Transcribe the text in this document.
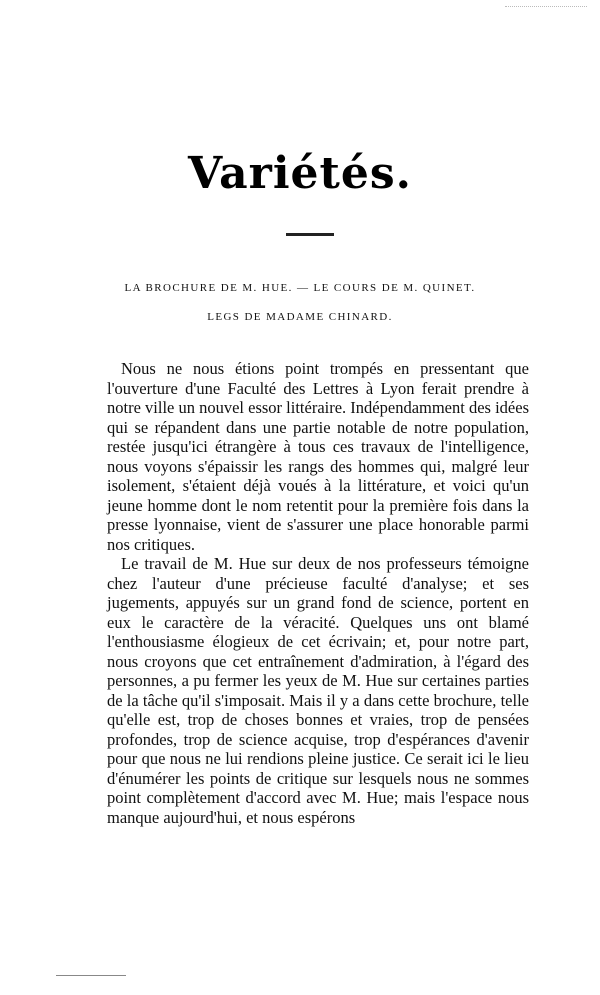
Variétés.
LA BROCHURE DE M. HUE. — LE COURS DE M. QUINET.
LEGS DE MADAME CHINARD.

Nous ne nous étions point trompés en pressentant que l'ouverture d'une Faculté des Lettres à Lyon ferait prendre à notre ville un nouvel essor littéraire. Indépendamment des idées qui se répandent dans une partie notable de notre population, restée jusqu'ici étrangère à tous ces travaux de l'intelligence, nous voyons s'épaissir les rangs des hommes qui, malgré leur isolement, s'étaient déjà voués à la littérature, et voici qu'un jeune homme dont le nom retentit pour la première fois dans la presse lyonnaise, vient de s'assurer une place honorable parmi nos critiques.

Le travail de M. Hue sur deux de nos professeurs témoigne chez l'auteur d'une précieuse faculté d'analyse; et ses jugements, appuyés sur un grand fond de science, portent en eux le caractère de la véracité. Quelques uns ont blamé l'enthousiasme élogieux de cet écrivain; et, pour notre part, nous croyons que cet entraînement d'admiration, à l'égard des personnes, a pu fermer les yeux de M. Hue sur certaines parties de la tâche qu'il s'imposait. Mais il y a dans cette brochure, telle qu'elle est, trop de choses bonnes et vraies, trop de pensées profondes, trop de science acquise, trop d'espérances d'avenir pour que nous ne lui rendions pleine justice. Ce serait ici le lieu d'énumérer les points de critique sur lesquels nous ne sommes point complètement d'accord avec M. Hue; mais l'espace nous manque aujourd'hui, et nous espérons
